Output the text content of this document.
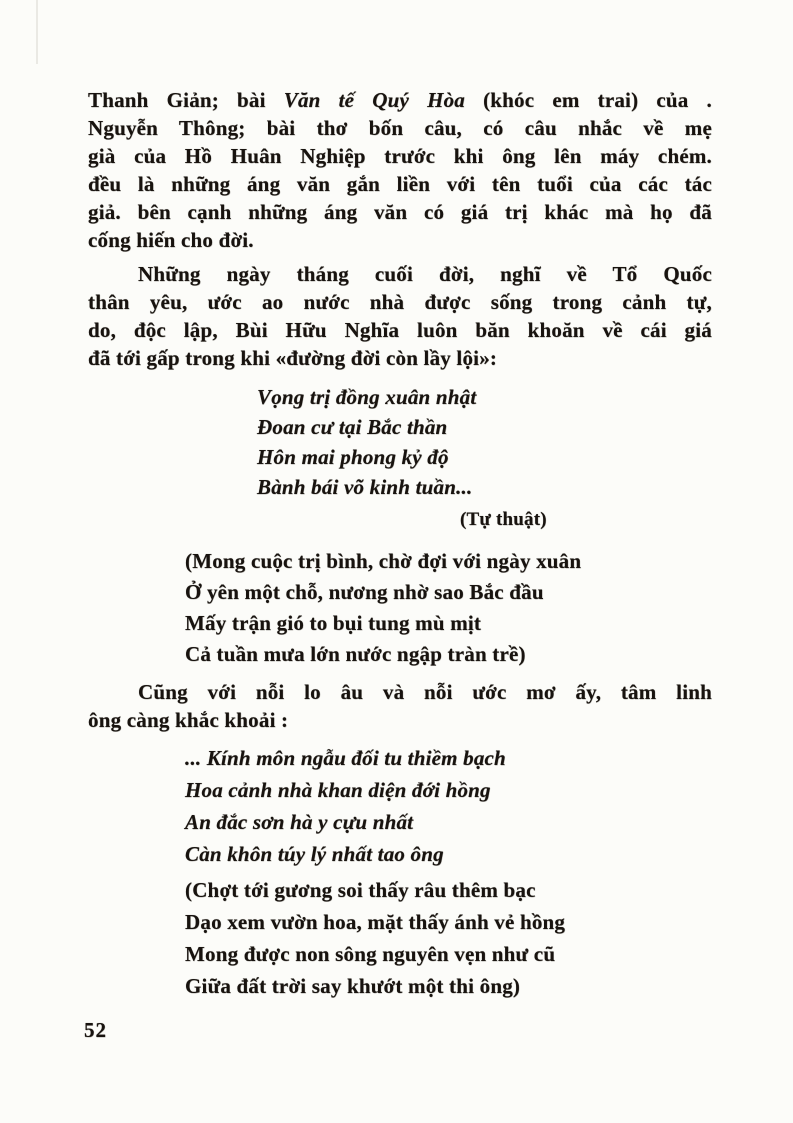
Thanh Giản; bài Văn tế Quý Hòa (khóc em trai) của .
Nguyễn Thông; bài thơ bốn câu, có câu nhắc về mẹ
già của Hồ Huân Nghiệp trước khi ông lên máy chém.
đều là những áng văn gắn liền với tên tuổi của các tác
giả. bên cạnh những áng văn có giá trị khác mà họ đã
cống hiến cho đời.
Những ngày tháng cuối đời, nghĩ về Tổ Quốc
thân yêu, ước ao nước nhà được sống trong cảnh tự,
do, độc lập, Bùi Hữu Nghĩa luôn băn khoăn về cái giá
đã tới gấp trong khi «đường đời còn lầy lội»:
Vọng trị đồng xuân nhật
Đoan cư tại Bắc thần
Hôn mai phong kỷ độ
Bành bái võ kinh tuần...
(Tự thuật)
(Mong cuộc trị bình, chờ đợi với ngày xuân
Ở yên một chỗ, nương nhờ sao Bắc đầu
Mấy trận gió to bụi tung mù mịt
Cả tuần mưa lớn nước ngập tràn trề)
Cũng với nỗi lo âu và nỗi ước mơ ấy, tâm linh
ông càng khắc khoải :
... Kính môn ngẫu đối tu thiềm bạch
Hoa cảnh nhà khan diện đới hồng
An đắc sơn hà y cựu nhất
Càn khôn túy lý nhất tao ông
(Chợt tới gương soi thấy râu thêm bạc
Dạo xem vườn hoa, mặt thấy ánh vẻ hồng
Mong được non sông nguyên vẹn như cũ
Giữa đất trời say khướt một thi ông)
52
